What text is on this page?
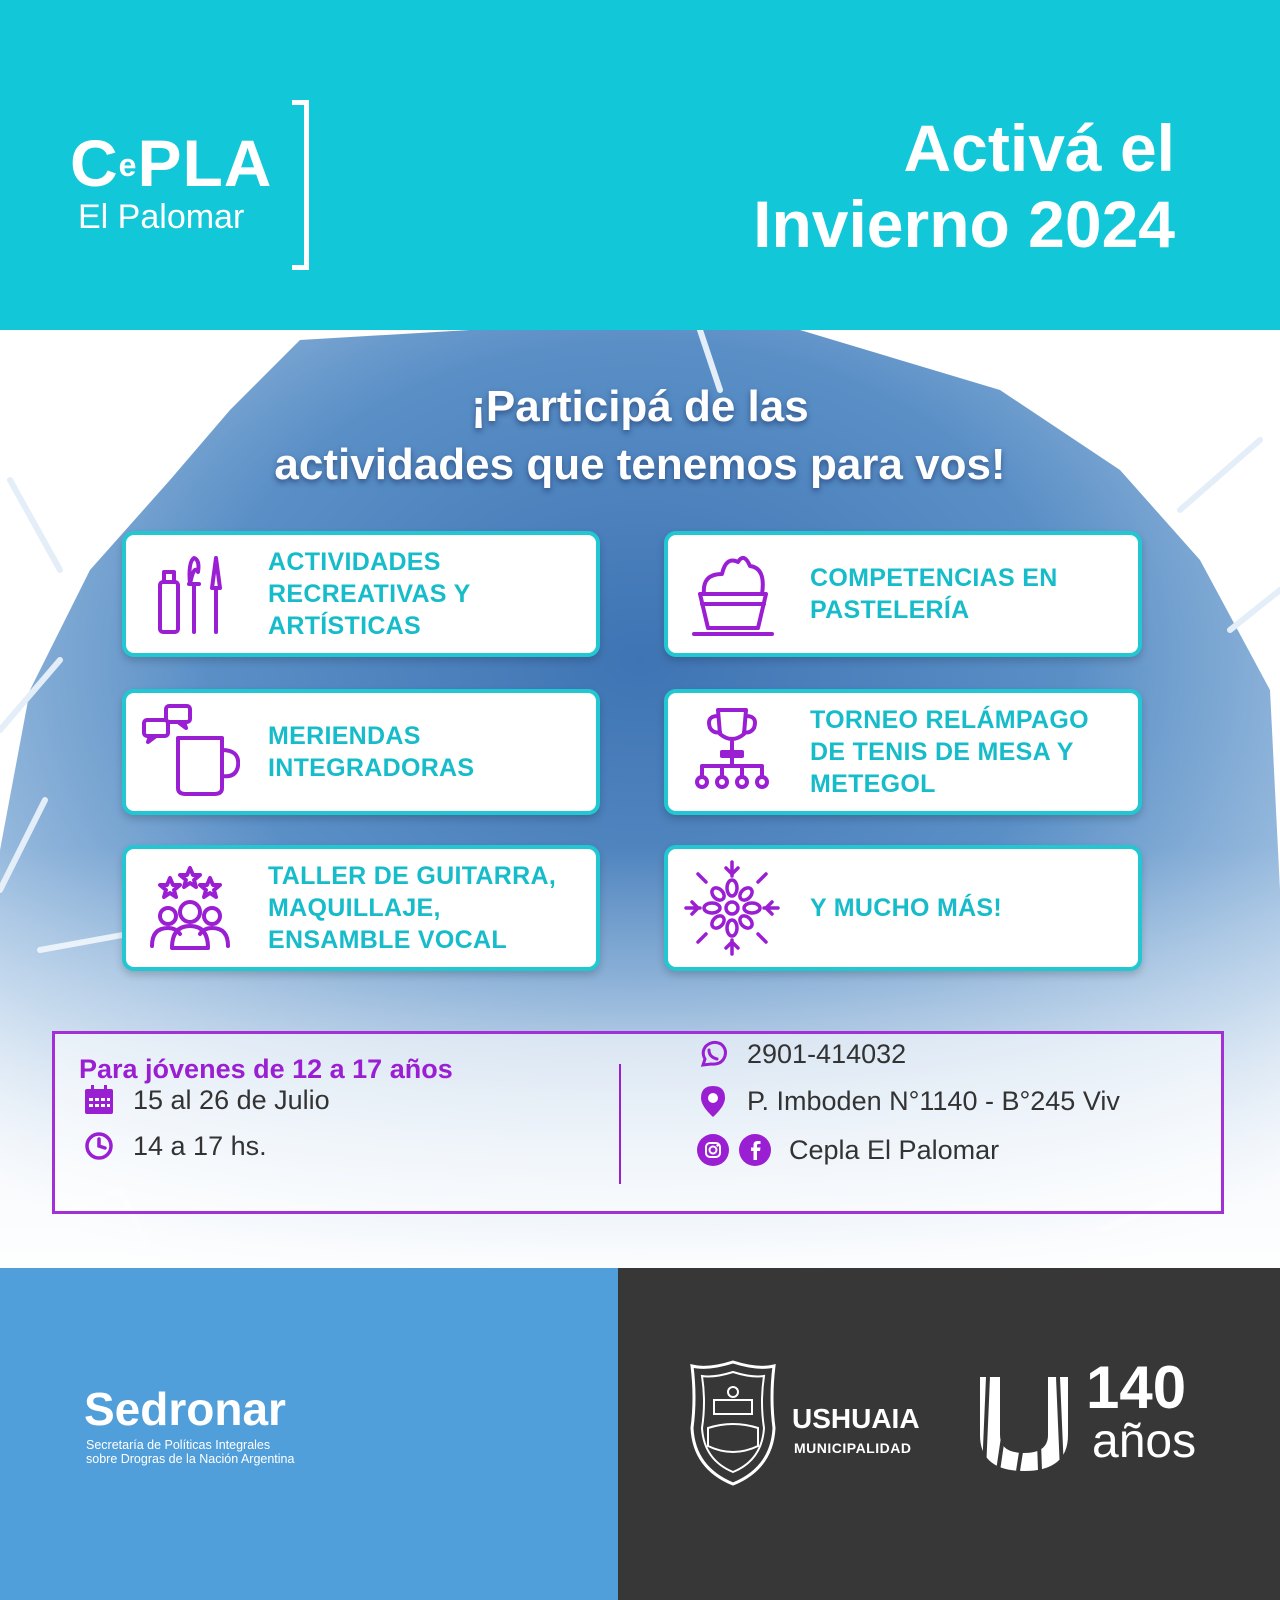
CePLA
El Palomar
Activá el
Invierno 2024
¡Participá de las
actividades que tenemos para vos!
ACTIVIDADES RECREATIVAS Y ARTÍSTICAS
COMPETENCIAS EN PASTELERÍA
MERIENDAS INTEGRADORAS
TORNEO RELÁMPAGO DE TENIS DE MESA Y METEGOL
TALLER DE GUITARRA, MAQUILLAJE, ENSAMBLE VOCAL
Y MUCHO MÁS!
Para jóvenes de 12 a 17 años
15 al 26 de Julio
14 a 17 hs.
2901-414032
P. Imboden N°1140 - B°245 Viv
Cepla El Palomar
Sedronar
Secretaría de Políticas Integrales
sobre Drogras de la Nación Argentina
USHUAIA
MUNICIPALIDAD
140
años
